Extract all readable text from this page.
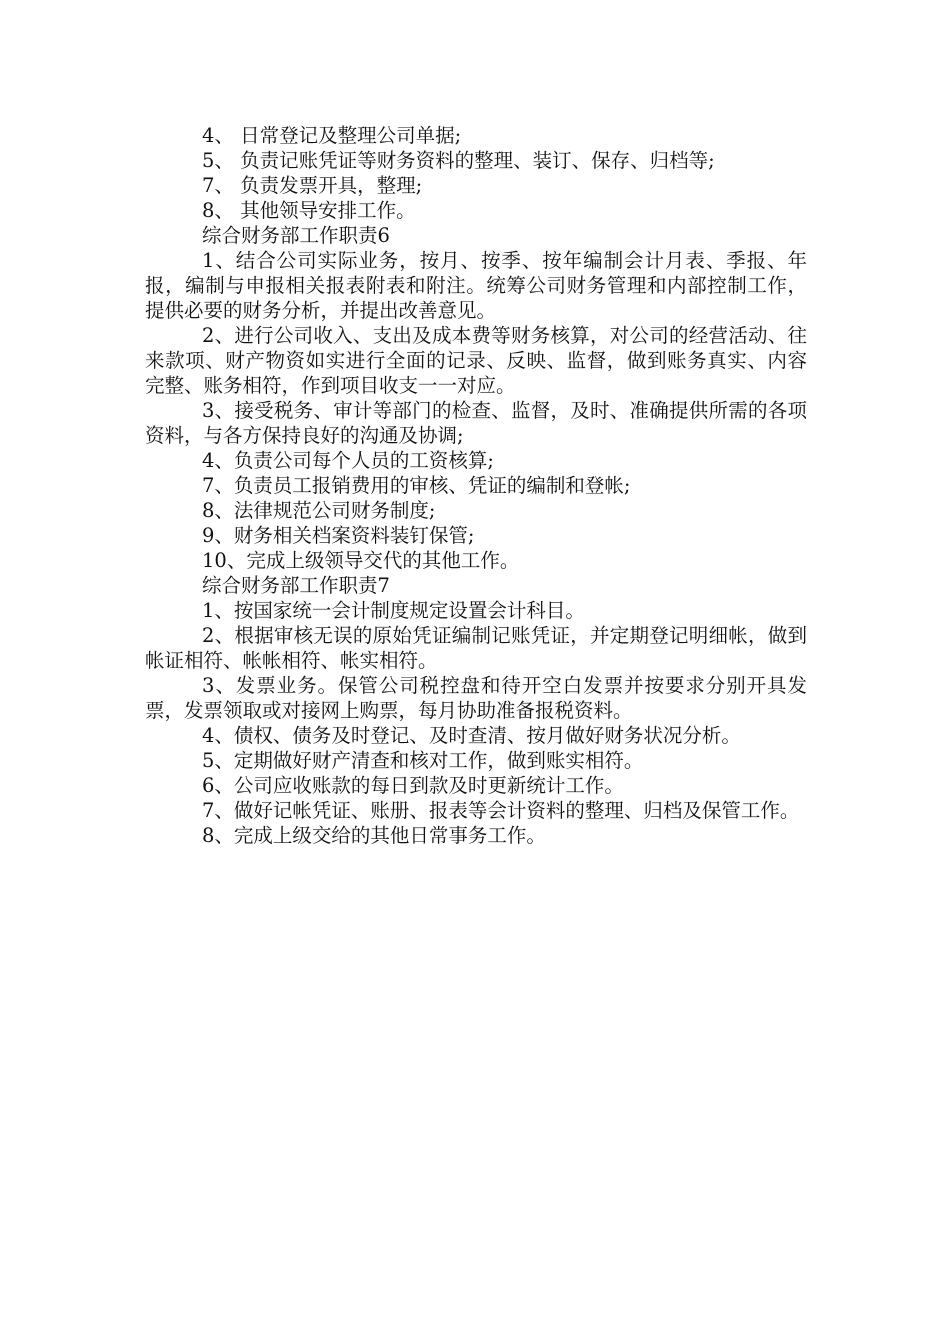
4、 日常登记及整理公司单据;

5、 负责记账凭证等财务资料的整理、装订、保存、归档等;

7、 负责发票开具，整理;

8、 其他领导安排工作。

综合财务部工作职责6

1、结合公司实际业务，按月、按季、按年编制会计月表、季报、年报，编制与申报相关报表附表和附注。统筹公司财务管理和内部控制工作，提供必要的财务分析，并提出改善意见。

2、进行公司收入、支出及成本费等财务核算，对公司的经营活动、往来款项、财产物资如实进行全面的记录、反映、监督，做到账务真实、内容完整、账务相符，作到项目收支一一对应。

3、接受税务、审计等部门的检查、监督，及时、准确提供所需的各项资料，与各方保持良好的沟通及协调;

4、负责公司每个人员的工资核算;

7、负责员工报销费用的审核、凭证的编制和登帐;

8、法律规范公司财务制度;

9、财务相关档案资料装钉保管;

10、完成上级领导交代的其他工作。

综合财务部工作职责7

1、按国家统一会计制度规定设置会计科目。

2、根据审核无误的原始凭证编制记账凭证，并定期登记明细帐，做到帐证相符、帐帐相符、帐实相符。

3、发票业务。保管公司税控盘和待开空白发票并按要求分别开具发票，发票领取或对接网上购票，每月协助准备报税资料。

4、债权、债务及时登记、及时查清、按月做好财务状况分析。

5、定期做好财产清查和核对工作，做到账实相符。

6、公司应收账款的每日到款及时更新统计工作。

7、做好记帐凭证、账册、报表等会计资料的整理、归档及保管工作。

8、完成上级交给的其他日常事务工作。
